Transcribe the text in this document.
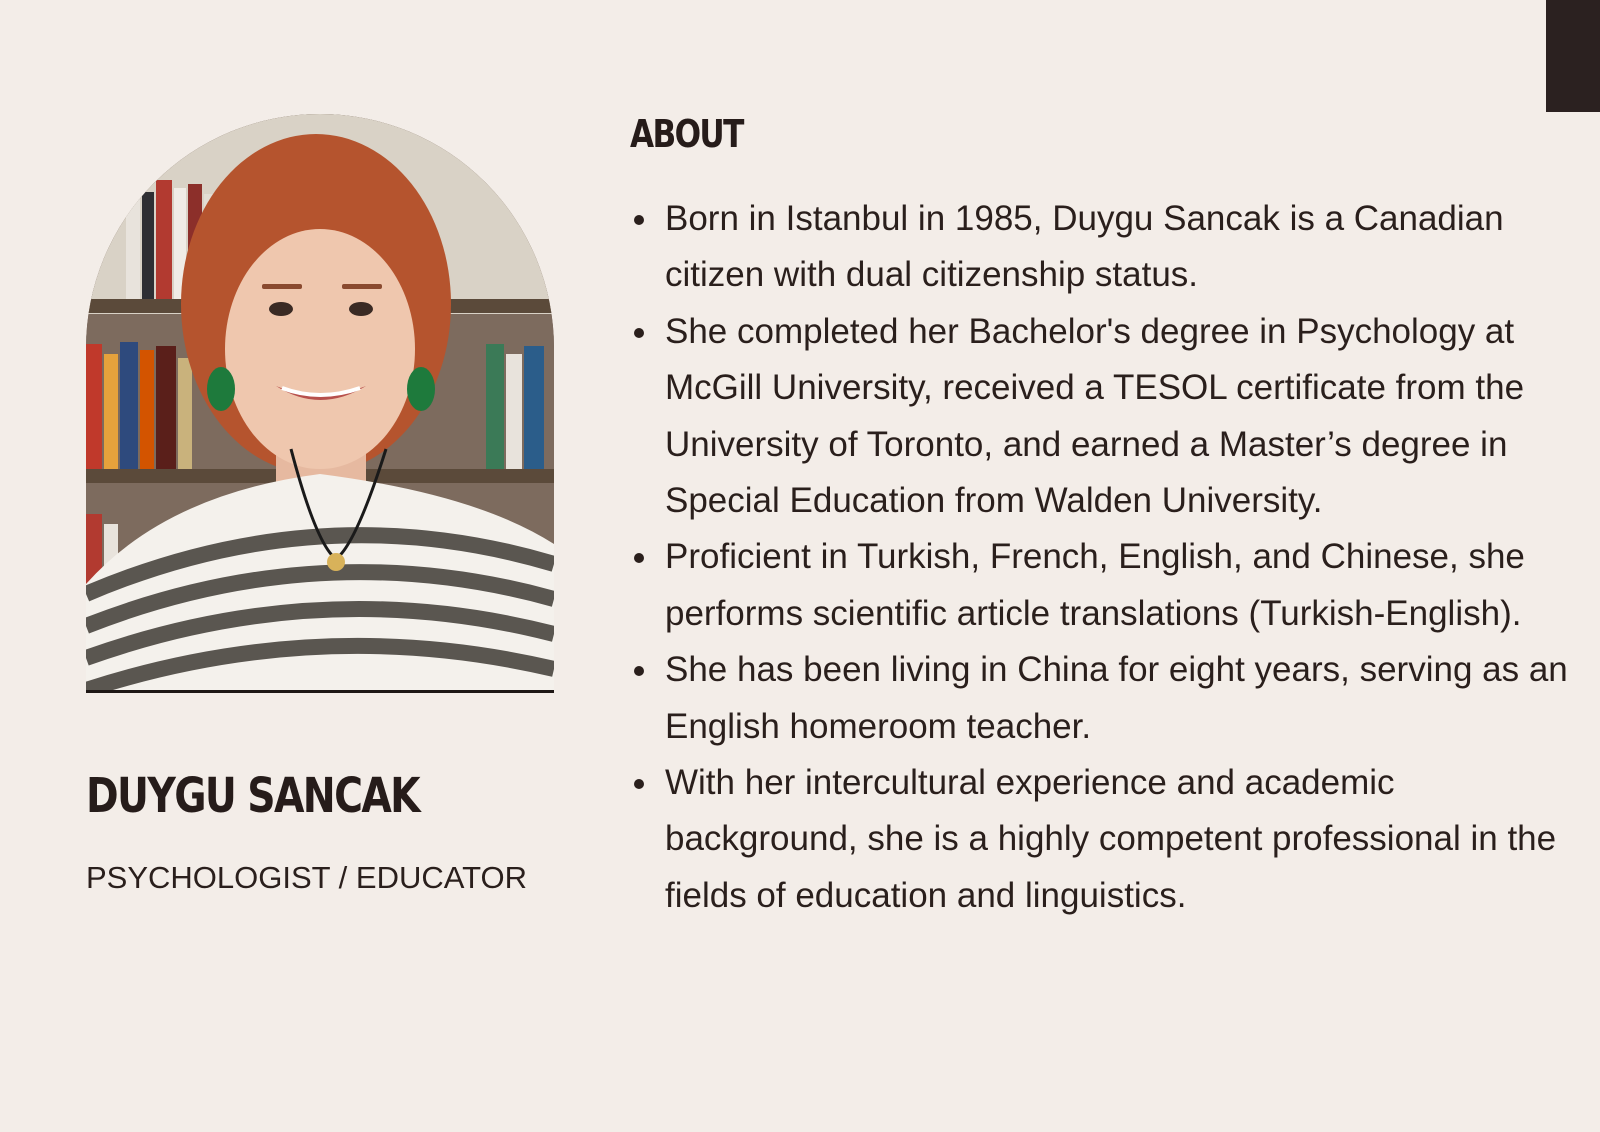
DUYGU SANCAK

PSYCHOLOGIST / EDUCATOR

ABOUT
Born in Istanbul in 1985, Duygu Sancak is a Canadian citizen with dual citizenship status.
She completed her Bachelor's degree in Psychology at McGill University, received a TESOL certificate from the University of Toronto, and earned a Master’s degree in Special Education from Walden University.
Proficient in Turkish, French, English, and Chinese, she performs scientific article translations (Turkish-English).
She has been living in China for eight years, serving as an English homeroom teacher.
With her intercultural experience and academic background, she is a highly competent professional in the fields of education and linguistics.
